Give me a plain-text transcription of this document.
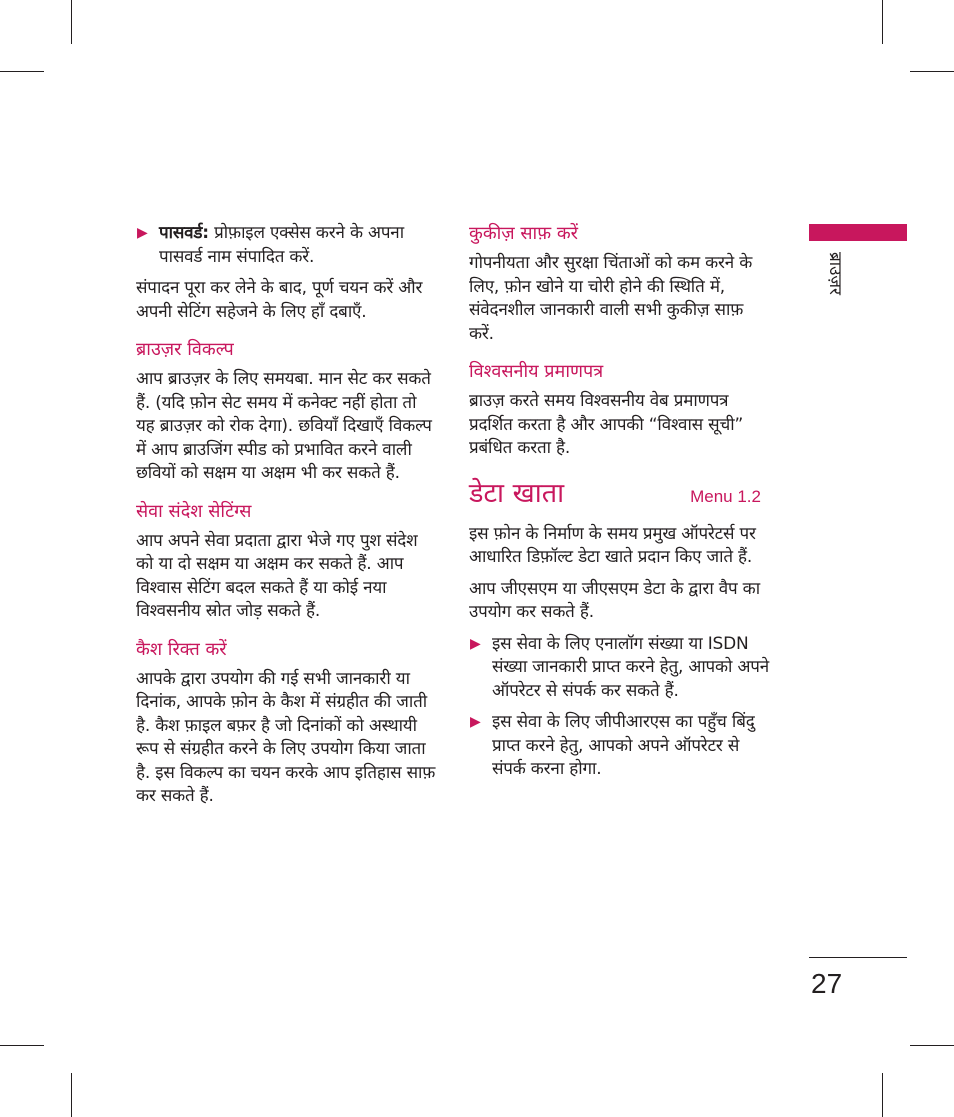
▶ पासवर्ड: प्रोफ़ाइल एक्सेस करने के अपना पासवर्ड नाम संपादित करें.

संपादन पूरा कर लेने के बाद, पूर्ण चयन करें और अपनी सेटिंग सहेजने के लिए हाँ दबाएँ.

ब्राउज़र विकल्प

आप ब्राउज़र के लिए समयबा. मान सेट कर सकते हैं. (यदि फ़ोन सेट समय में कनेक्ट नहीं होता तो यह ब्राउज़र को रोक देगा). छवियाँ दिखाएँ विकल्प में आप ब्राउजिंग स्पीड को प्रभावित करने वाली छवियों को सक्षम या अक्षम भी कर सकते हैं.

सेवा संदेश सेटिंग्स

आप अपने सेवा प्रदाता द्वारा भेजे गए पुश संदेश को या दो सक्षम या अक्षम कर सकते हैं. आप विश्वास सेटिंग बदल सकते हैं या कोई नया विश्वसनीय स्रोत जोड़ सकते हैं.

कैश रिक्त करें

आपके द्वारा उपयोग की गई सभी जानकारी या दिनांक, आपके फ़ोन के कैश में संग्रहीत की जाती है. कैश फ़ाइल बफ़र है जो दिनांकों को अस्थायी रूप से संग्रहीत करने के लिए उपयोग किया जाता है. इस विकल्प का चयन करके आप इतिहास साफ़ कर सकते हैं.

कुकीज़ साफ़ करें

गोपनीयता और सुरक्षा चिंताओं को कम करने के लिए, फ़ोन खोने या चोरी होने की स्थिति में, संवेदनशील जानकारी वाली सभी कुकीज़ साफ़ करें.

विश्वसनीय प्रमाणपत्र

ब्राउज़ करते समय विश्वसनीय वेब प्रमाणपत्र प्रदर्शित करता है और आपकी “विश्वास सूची” प्रबंधित करता है.

डेटा खाता	Menu 1.2

इस फ़ोन के निर्माण के समय प्रमुख ऑपरेटर्स पर आधारित डिफ़ॉल्ट डेटा खाते प्रदान किए जाते हैं.

आप जीएसएम या जीएसएम डेटा के द्वारा वैप का उपयोग कर सकते हैं.

▶ इस सेवा के लिए एनालॉग संख्या या ISDN संख्या जानकारी प्राप्त करने हेतु, आपको अपने ऑपरेटर से संपर्क कर सकते हैं.

▶ इस सेवा के लिए जीपीआरएस का पहुँच बिंदु प्राप्त करने हेतु, आपको अपने ऑपरेटर से संपर्क करना होगा.

ब्राउज़र
27
